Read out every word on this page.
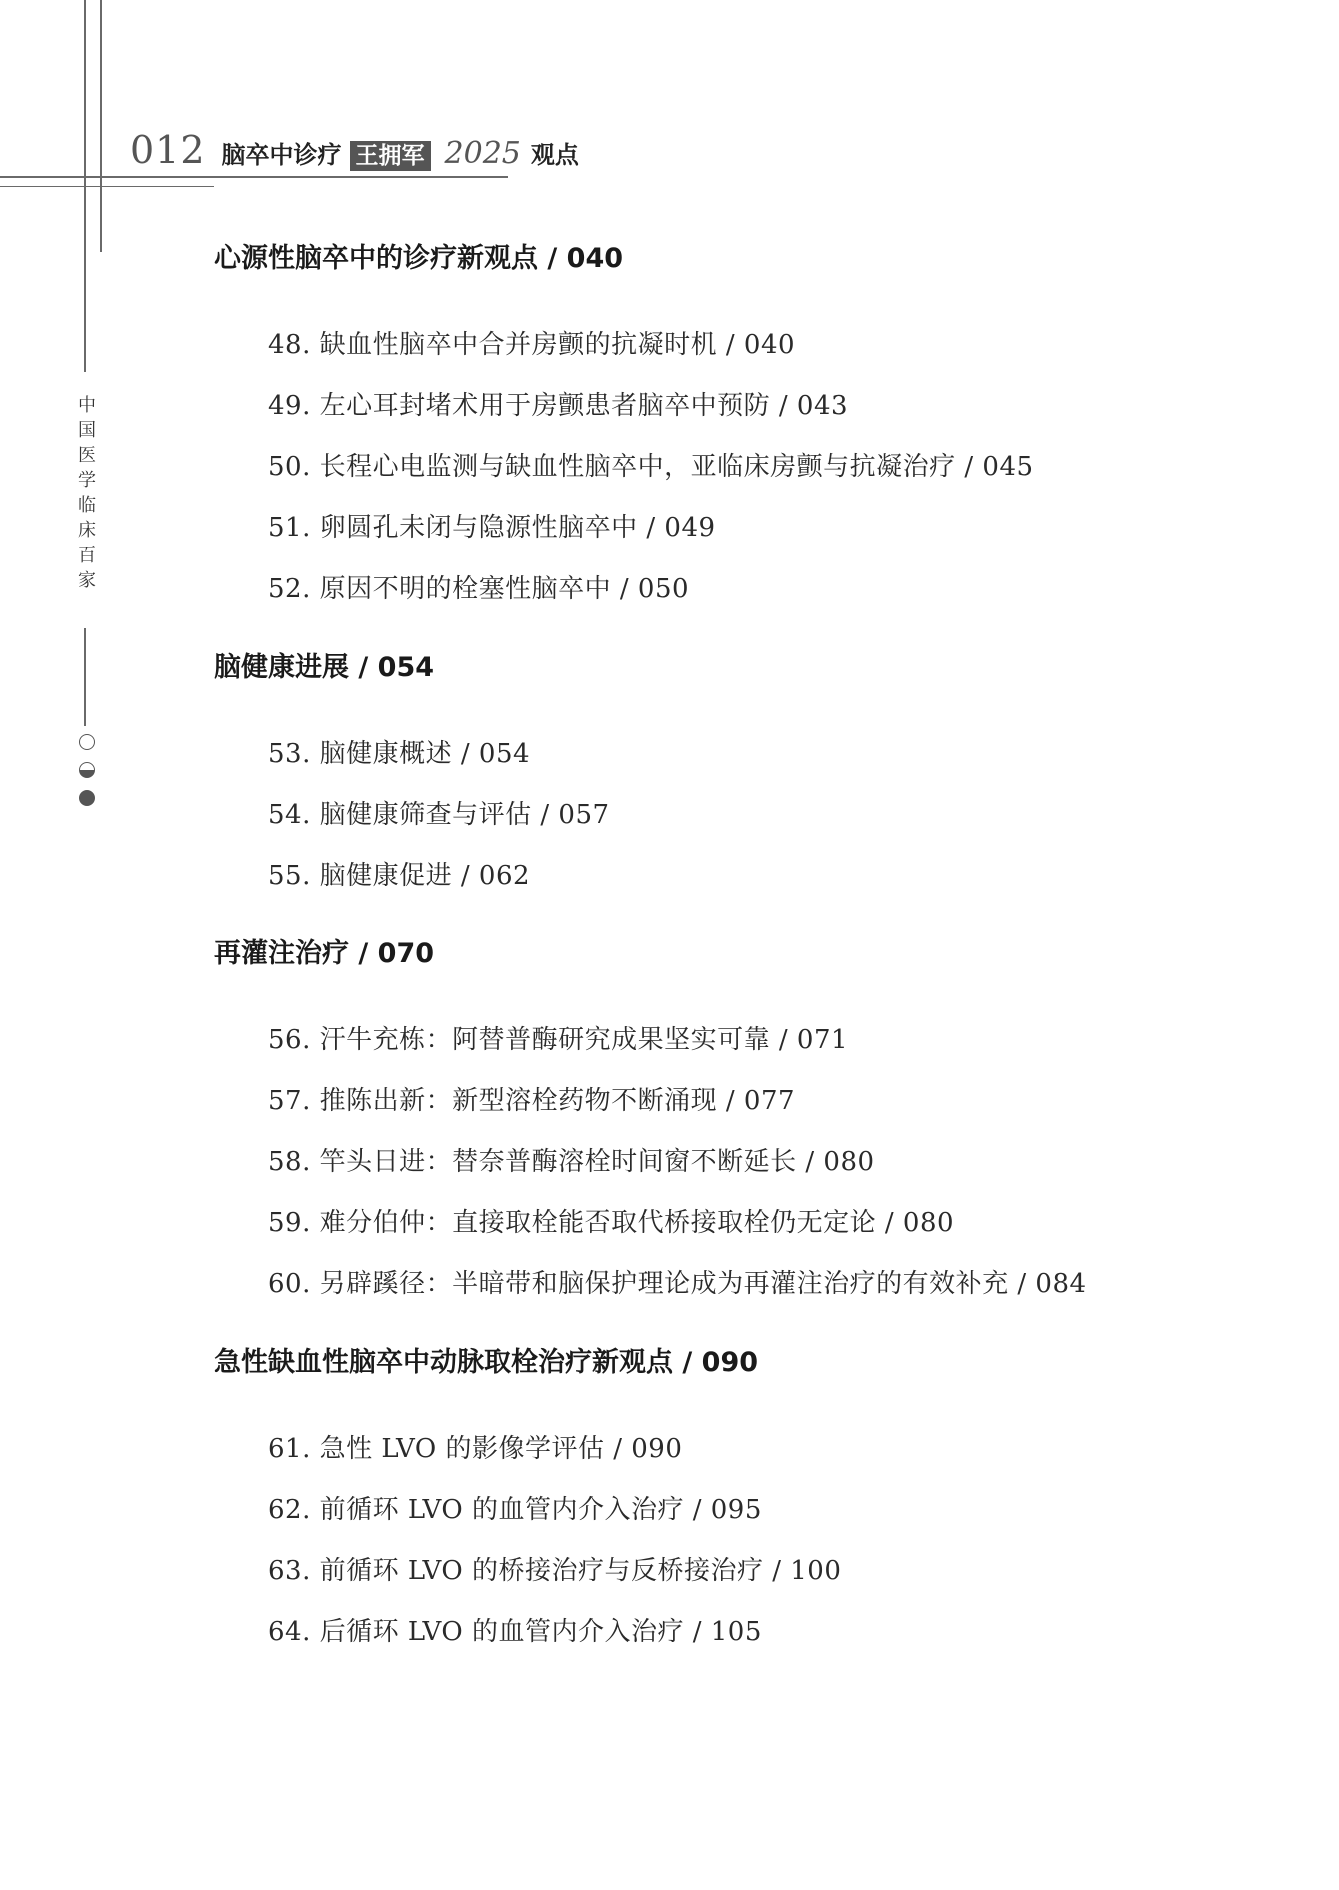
012 脑卒中诊疗 王拥军 2025 观点
中
国
医
学
临
床
百
家
心源性脑卒中的诊疗新观点 / 040
48. 缺血性脑卒中合并房颤的抗凝时机 / 040
49. 左心耳封堵术用于房颤患者脑卒中预防 / 043
50. 长程心电监测与缺血性脑卒中，亚临床房颤与抗凝治疗 / 045
51. 卵圆孔未闭与隐源性脑卒中 / 049
52. 原因不明的栓塞性脑卒中 / 050
脑健康进展 / 054
53. 脑健康概述 / 054
54. 脑健康筛查与评估 / 057
55. 脑健康促进 / 062
再灌注治疗 / 070
56. 汗牛充栋：阿替普酶研究成果坚实可靠 / 071
57. 推陈出新：新型溶栓药物不断涌现 / 077
58. 竿头日进：替奈普酶溶栓时间窗不断延长 / 080
59. 难分伯仲：直接取栓能否取代桥接取栓仍无定论 / 080
60. 另辟蹊径：半暗带和脑保护理论成为再灌注治疗的有效补充 / 084
急性缺血性脑卒中动脉取栓治疗新观点 / 090
61. 急性 LVO 的影像学评估 / 090
62. 前循环 LVO 的血管内介入治疗 / 095
63. 前循环 LVO 的桥接治疗与反桥接治疗 / 100
64. 后循环 LVO 的血管内介入治疗 / 105
